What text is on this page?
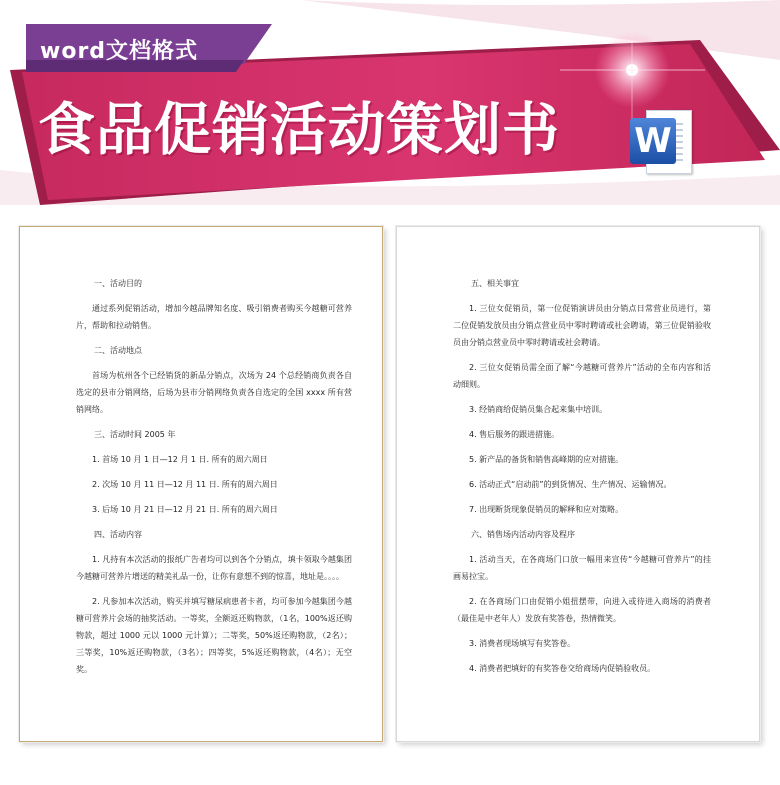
word文档格式
食品促销活动策划书 W
一、活动目的
通过系列促销活动，增加今越品牌知名度、吸引销费者购买今越糖可营养片，帮助和拉动销售。
二、活动地点
首场为杭州各个已经销货的新品分销点，次场为 24 个总经销商负责各自选定的县市分销网络，后场为县市分销网络负责各自选定的全国 xxxx 所有营销网络。
三、活动时间 2005 年
1. 首场 10 月 1 日—12 月 1 日. 所有的周六周日
2. 次场 10 月 11 日—12 月 11 日. 所有的周六周日
3. 后场 10 月 21 日—12 月 21 日. 所有的周六周日
四、活动内容
1. 凡持有本次活动的报纸广告者均可以到各个分销点，填卡领取今越集团今越糖可营养片增送的精美礼品一份，让你有意想不到的惊喜，地址是。。。。
2. 凡参加本次活动，购买并填写糖尿病患者卡者，均可参加今越集团今越糖可营养片会场的抽奖活动。一等奖，全额返还购物款，（1名，100%返还购物款，超过 1000 元以 1000 元计算）；二等奖，50%返还购物款，（2名）；三等奖，10%返还购物款，（3名）；四等奖，5%返还购物款，（4名）；无空奖。
五、相关事宜
1. 三位女促销员，第一位促销演讲员由分销点日常营业员进行，第二位促销发放员由分销点营业员中零时聘请或社会聘请，第三位促销验收员由分销点营业员中零时聘请或社会聘请。
2. 三位女促销员需全面了解“今越糖可营养片”活动的全布内容和活动细则。
3. 经销商给促销员集合起来集中培训。
4. 售后服务的跟进措施。
5. 新产品的备货和销售高峰期的应对措施。
6. 活动正式“启动前”的到货情况、生产情况、运输情况。
7. 出现断货现象促销员的解释和应对策略。
六、销售场内活动内容及程序
1. 活动当天，在各商场门口放一幅用来宣传“今越糖可营养片”的挂画易拉宝。
2. 在各商场门口由促销小姐扭摆带，向进入或待进入商场的消费者（最佳是中老年人）发放有奖答卷，热情微笑。
3. 消费者现场填写有奖答卷。
4. 消费者把填好的有奖答卷交给商场内促销验收员。
